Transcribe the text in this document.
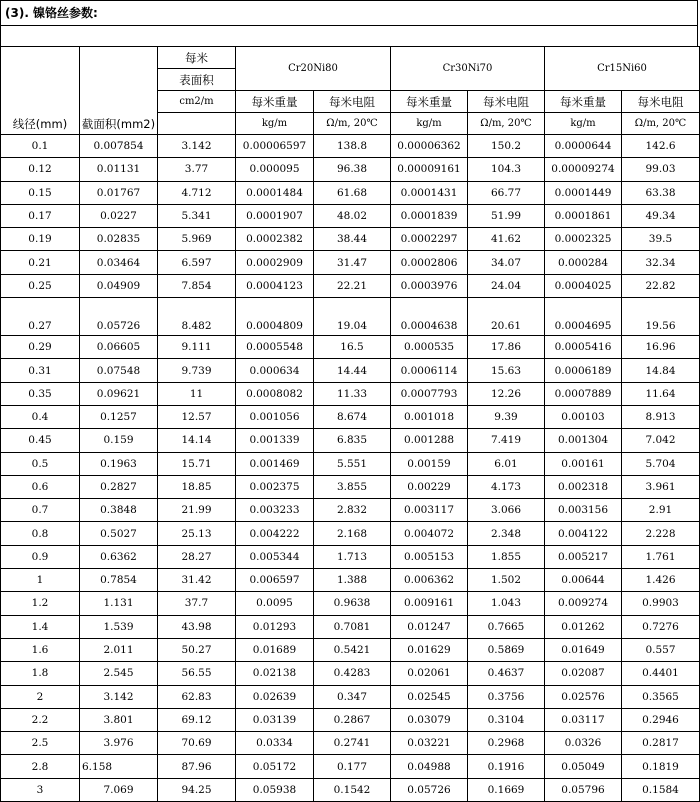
(3). 镍铬丝参数:
线径(mm)	截面积(mm2)	每米	Cr20Ni80		Cr30Ni70		Cr15Ni60	
		表面积						
		cm2/m	每米重量	每米电阻	每米重量	每米电阻	每米重量	每米电阻
			kg/m	Ω/m, 20℃	kg/m	Ω/m, 20℃	kg/m	Ω/m, 20℃
0.1	0.007854	3.142	0.00006597	138.8	0.00006362	150.2	0.0000644	142.6
0.12	0.01131	3.77	0.000095	96.38	0.00009161	104.3	0.00009274	99.03
0.15	0.01767	4.712	0.0001484	61.68	0.0001431	66.77	0.0001449	63.38
0.17	0.0227	5.341	0.0001907	48.02	0.0001839	51.99	0.0001861	49.34
0.19	0.02835	5.969	0.0002382	38.44	0.0002297	41.62	0.0002325	39.5
0.21	0.03464	6.597	0.0002909	31.47	0.0002806	34.07	0.000284	32.34
0.25	0.04909	7.854	0.0004123	22.21	0.0003976	24.04	0.0004025	22.82
0.27	0.05726	8.482	0.0004809	19.04	0.0004638	20.61	0.0004695	19.56
0.29	0.06605	9.111	0.0005548	16.5	0.000535	17.86	0.0005416	16.96
0.31	0.07548	9.739	0.000634	14.44	0.0006114	15.63	0.0006189	14.84
0.35	0.09621	11	0.0008082	11.33	0.0007793	12.26	0.0007889	11.64
0.4	0.1257	12.57	0.001056	8.674	0.001018	9.39	0.00103	8.913
0.45	0.159	14.14	0.001339	6.835	0.001288	7.419	0.001304	7.042
0.5	0.1963	15.71	0.001469	5.551	0.00159	6.01	0.00161	5.704
0.6	0.2827	18.85	0.002375	3.855	0.00229	4.173	0.002318	3.961
0.7	0.3848	21.99	0.003233	2.832	0.003117	3.066	0.003156	2.91
0.8	0.5027	25.13	0.004222	2.168	0.004072	2.348	0.004122	2.228
0.9	0.6362	28.27	0.005344	1.713	0.005153	1.855	0.005217	1.761
1	0.7854	31.42	0.006597	1.388	0.006362	1.502	0.00644	1.426
1.2	1.131	37.7	0.0095	0.9638	0.009161	1.043	0.009274	0.9903
1.4	1.539	43.98	0.01293	0.7081	0.01247	0.7665	0.01262	0.7276
1.6	2.011	50.27	0.01689	0.5421	0.01629	0.5869	0.01649	0.557
1.8	2.545	56.55	0.02138	0.4283	0.02061	0.4637	0.02087	0.4401
2	3.142	62.83	0.02639	0.347	0.02545	0.3756	0.02576	0.3565
2.2	3.801	69.12	0.03139	0.2867	0.03079	0.3104	0.03117	0.2946
2.5	3.976	70.69	0.0334	0.2741	0.03221	0.2968	0.0326	0.2817
2.8	6.158	87.96	0.05172	0.177	0.04988	0.1916	0.05049	0.1819
3	7.069	94.25	0.05938	0.1542	0.05726	0.1669	0.05796	0.1584
